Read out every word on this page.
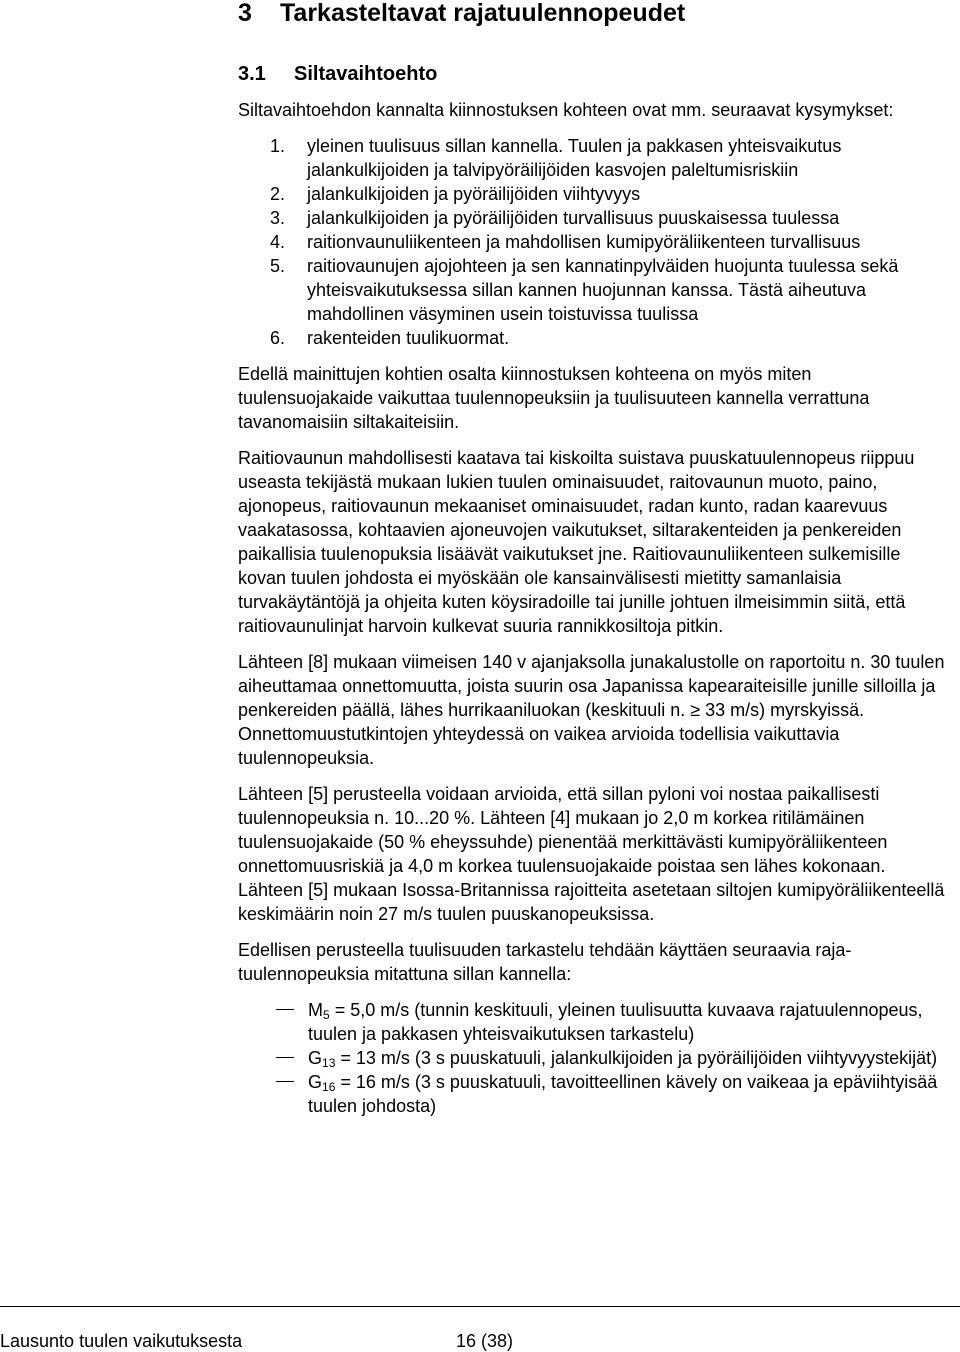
3 Tarkasteltavat rajatuulennopeudet
3.1 Siltavaihtoehto

Siltavaihtoehdon kannalta kiinnostuksen kohteen ovat mm. seuraavat kysymykset:

1. yleinen tuulisuus sillan kannella. Tuulen ja pakkasen yhteisvaikutus jalankulkijoiden ja talvipyöräilijöiden kasvojen paleltumisriskiin
2. jalankulkijoiden ja pyöräilijöiden viihtyvyys
3. jalankulkijoiden ja pyöräilijöiden turvallisuus puuskaisessa tuulessa
4. raitionvaunuliikenteen ja mahdollisen kumipyöräliikenteen turvallisuus
5. raitiovaunujen ajojohteen ja sen kannatinpylväiden huojunta tuulessa sekä yhteisvaikutuksessa sillan kannen huojunnan kanssa. Tästä aiheutuva mahdollinen väsyminen usein toistuvissa tuulissa
6. rakenteiden tuulikuormat.

Edellä mainittujen kohtien osalta kiinnostuksen kohteena on myös miten tuulensuojakaide vaikuttaa tuulennopeuksiin ja tuulisuuteen kannella verrattuna tavanomaisiin siltakaiteisiin.

Raitiovaunun mahdollisesti kaatava tai kiskoilta suistava puuskatuulennopeus riippuu useasta tekijästä mukaan lukien tuulen ominaisuudet, raitovaunun muoto, paino, ajonopeus, raitiovaunun mekaaniset ominaisuudet, radan kunto, radan kaarevuus vaakatasossa, kohtaavien ajoneuvojen vaikutukset, siltarakenteiden ja penkereiden paikallisia tuulenopuksia lisäävät vaikutukset jne. Raitiovaunuliikenteen sulkemisille kovan tuulen johdosta ei myöskään ole kansainvälisesti mietitty samanlaisia turvakäytäntöjä ja ohjeita kuten köysiradoille tai junille johtuen ilmeisimmin siitä, että raitiovaunulinjat harvoin kulkevat suuria rannikkosiltoja pitkin.

Lähteen [8] mukaan viimeisen 140 v ajanjaksolla junakalustolle on raportoitu n. 30 tuulen aiheuttamaa onnettomuutta, joista suurin osa Japanissa kapearaiteisille junille silloilla ja penkereiden päällä, lähes hurrikaaniluokan (keskituuli n. ≥ 33 m/s) myrskyissä. Onnettomuustutkintojen yhteydessä on vaikea arvioida todellisia vaikuttavia tuulennopeuksia.

Lähteen [5] perusteella voidaan arvioida, että sillan pyloni voi nostaa paikallisesti tuulennopeuksia n. 10...20 %. Lähteen [4] mukaan jo 2,0 m korkea ritilämäinen tuulensuojakaide (50 % eheyssuhde) pienentää merkittävästi kumipyöräliikenteen onnettomuusriskiä ja 4,0 m korkea tuulensuojakaide poistaa sen lähes kokonaan. Lähteen [5] mukaan Isossa-Britannissa rajoitteita asetetaan siltojen kumipyöräliikenteellä keskimäärin noin 27 m/s tuulen puuskanopeuksissa.

Edellisen perusteella tuulisuuden tarkastelu tehdään käyttäen seuraavia raja-tuulennopeuksia mitattuna sillan kannella:

$M_5 = 5,0$ m/s (tunnin keskituuli, yleinen tuulisuutta kuvaava rajatuulennopeus, tuulen ja pakkasen yhteisvaikutuksen tarkastelu)
$G_{13} = 13$ m/s (3 s puuskatuuli, jalankulkijoiden ja pyöräilijöiden viihtyvyystekijät)
$G_{16} = 16$ m/s (3 s puuskatuuli, tavoitteellinen kävely on vaikeaa ja epäviihtyisää tuulen johdosta)
Lausunto tuulen vaikutuksesta	16 (38)
